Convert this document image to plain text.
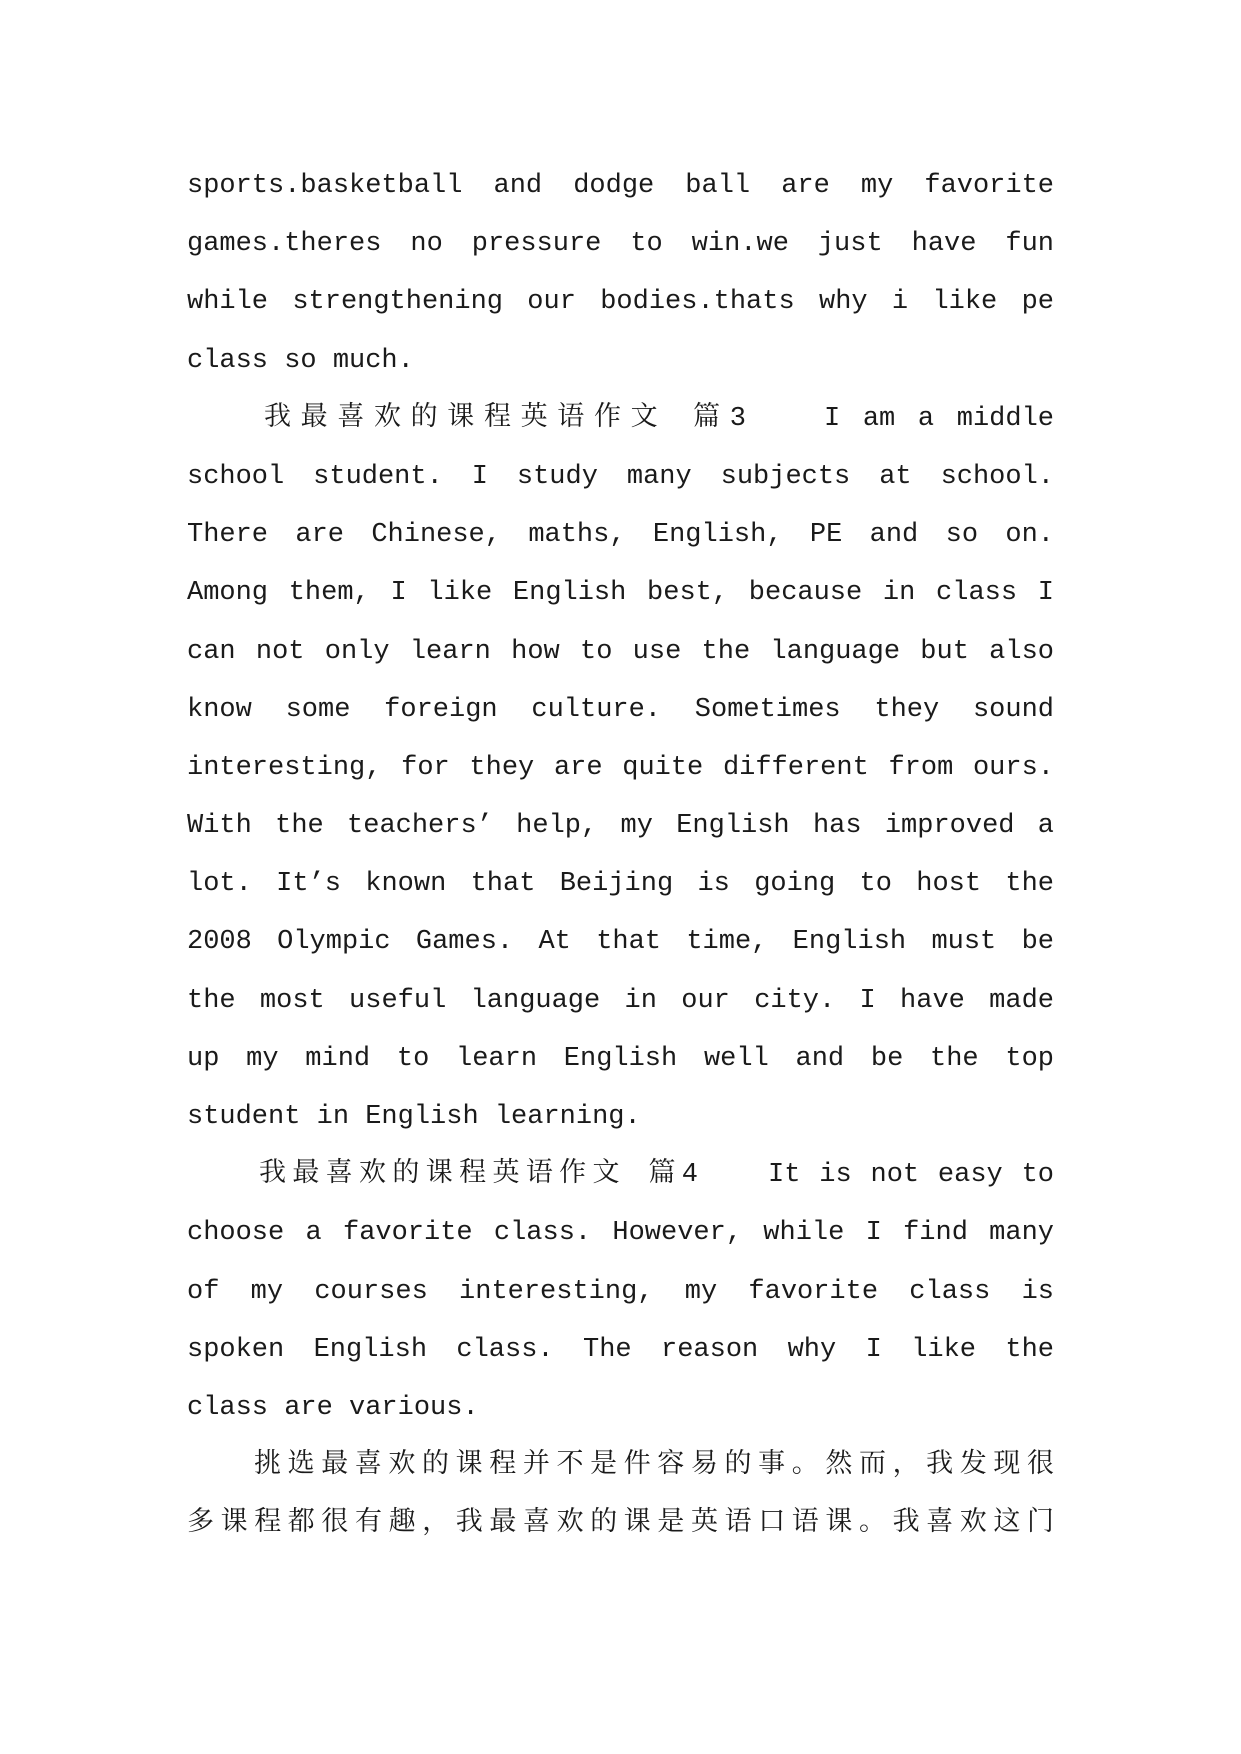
sports.basketball and dodge ball are my favorite
games.theres no pressure to win.we just have fun
while strengthening our bodies.thats why i like pe
class so much.
我最喜欢的课程英语作文 篇3	I am a middle
school student. I study many subjects at school.
There are Chinese, maths, English, PE and so on.
Among them, I like English best, because in class I
can not only learn how to use the language but also
know some foreign culture. Sometimes they sound
interesting, for they are quite different from ours.
With the teachers’ help, my English has improved a
lot. It’s known that Beijing is going to host the
2008 Olympic Games. At that time, English must be
the most useful language in our city. I have made
up my mind to learn English well and be the top
student in English learning.
我最喜欢的课程英语作文 篇4	It is not easy to
choose a favorite class. However, while I find many
of my courses interesting, my favorite class is
spoken English class. The reason why I like the
class are various.
挑选最喜欢的课程并不是件容易的事。然而，我发现很
多课程都很有趣，我最喜欢的课是英语口语课。我喜欢这门
